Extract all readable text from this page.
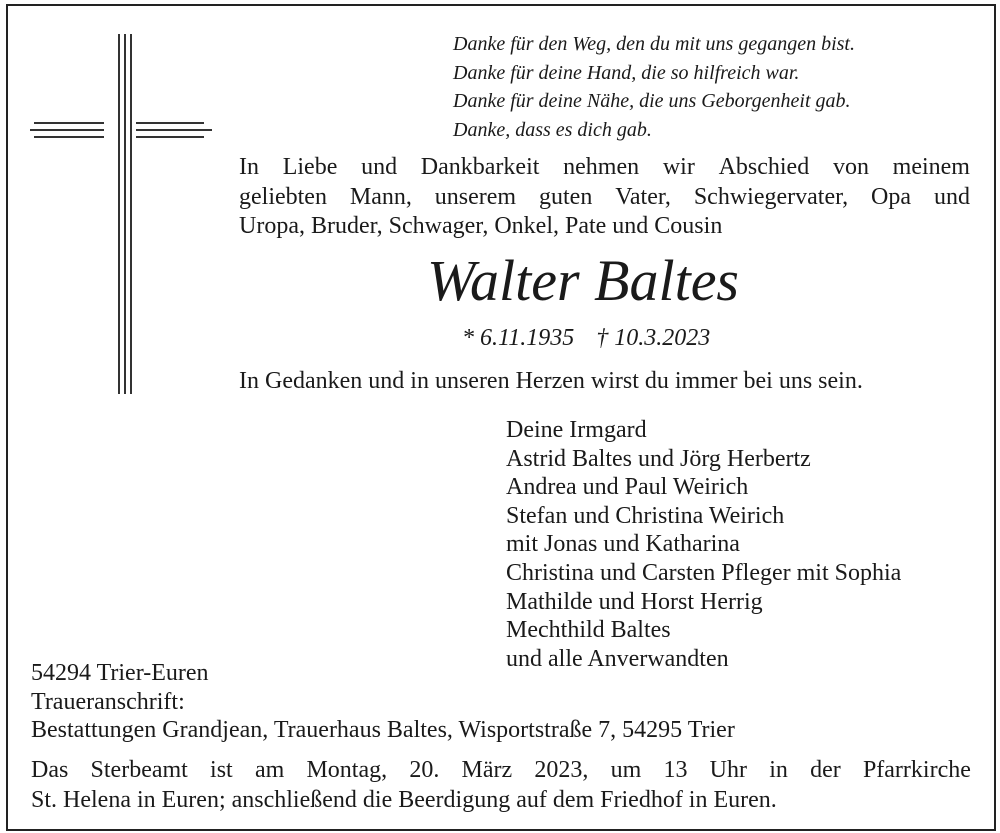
Danke für den Weg, den du mit uns gegangen bist.
Danke für deine Hand, die so hilfreich war.
Danke für deine Nähe, die uns Geborgenheit gab.
Danke, dass es dich gab.
In Liebe und Dankbarkeit nehmen wir Abschied von meinem
geliebten Mann, unserem guten Vater, Schwiegervater, Opa und
Uropa, Bruder, Schwager, Onkel, Pate und Cousin
Walter Baltes
* 6.11.1935 † 10.3.2023
In Gedanken und in unseren Herzen wirst du immer bei uns sein.
Deine Irmgard
Astrid Baltes und Jörg Herbertz
Andrea und Paul Weirich
Stefan und Christina Weirich
mit Jonas und Katharina
Christina und Carsten Pfleger mit Sophia
Mathilde und Horst Herrig
Mechthild Baltes
und alle Anverwandten
54294 Trier-Euren
Traueranschrift:
Bestattungen Grandjean, Trauerhaus Baltes, Wisportstraße 7, 54295 Trier
Das Sterbeamt ist am Montag, 20. März 2023, um 13 Uhr in der Pfarrkirche
St. Helena in Euren; anschließend die Beerdigung auf dem Friedhof in Euren.
